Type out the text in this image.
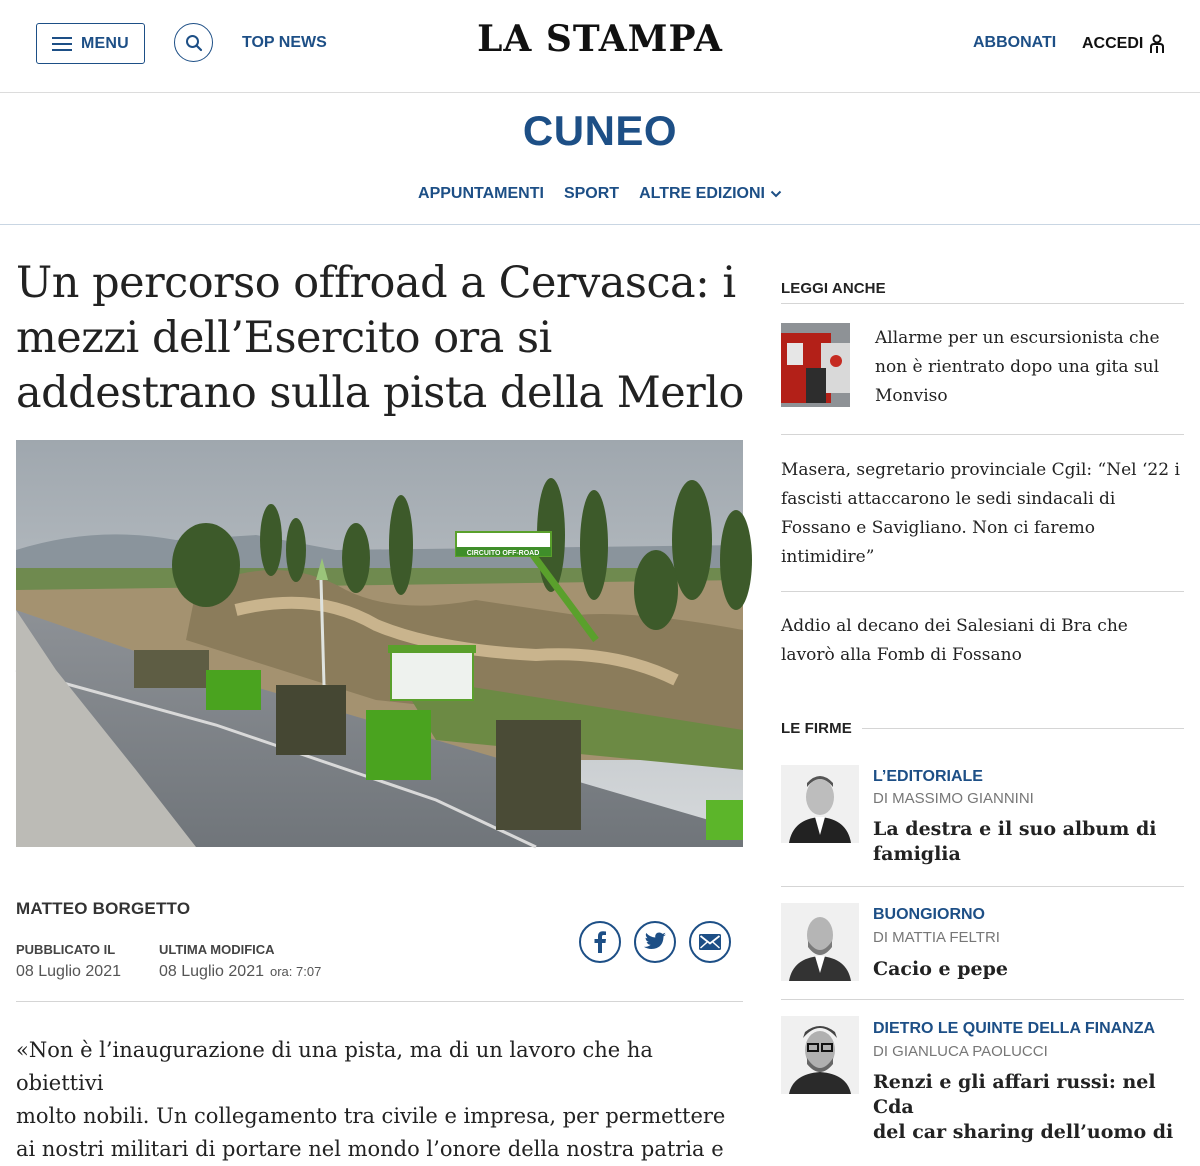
MENU	TOP NEWS	LA STAMPA	ABBONATI ACCEDI
CUNEO
APPUNTAMENTI SPORT ALTRE EDIZIONI
Un percorso offroad a Cervasca: i
mezzi dell’Esercito ora si
addestrano sulla pista della Merlo
CIRCUITO OFF-ROAD
MATTEO BORGETTO
PUBBLICATO IL
08 Luglio 2021
ULTIMA MODIFICA
08 Luglio 2021 ora: 7:07
«Non è l’inaugurazione di una pista, ma di un lavoro che ha obiettivi
molto nobili. Un collegamento tra civile e impresa, per permettere
ai nostri militari di portare nel mondo l’onore della nostra patria e
LEGGI ANCHE
Allarme per un escursionista che
non è rientrato dopo una gita sul
Monviso
Masera, segretario provinciale Cgil: “Nel ‘22 i
fascisti attaccarono le sedi sindacali di
Fossano e Savigliano. Non ci faremo
intimidire”
Addio al decano dei Salesiani di Bra che
lavorò alla Fomb di Fossano
LE FIRME
L’EDITORIALE
DI MASSIMO GIANNINI
La destra e il suo album di
famiglia
BUONGIORNO
DI MATTIA FELTRI
Cacio e pepe
DIETRO LE QUINTE DELLA FINANZA
DI GIANLUCA PAOLUCCI
Renzi e gli affari russi: nel Cda
del car sharing dell’uomo di
